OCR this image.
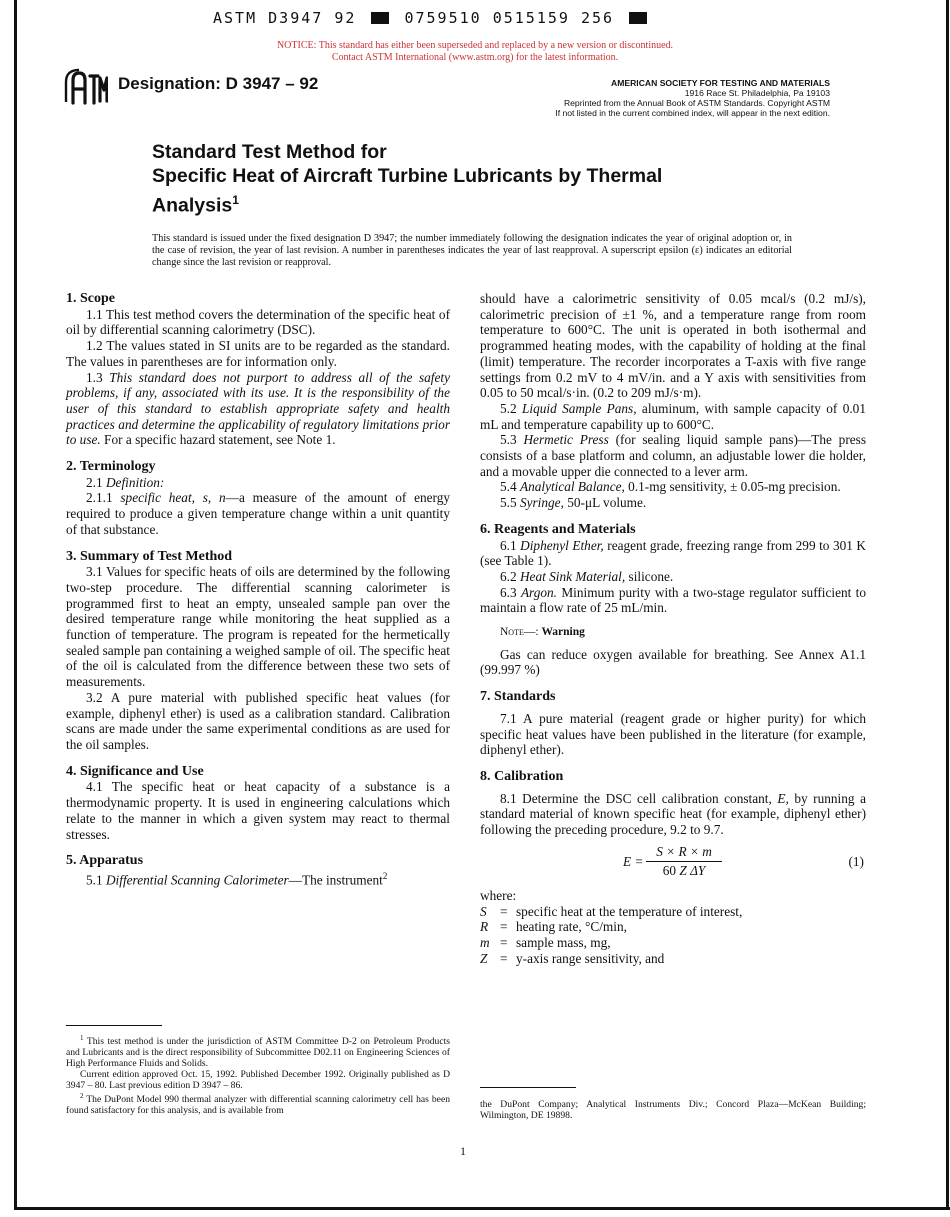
ASTM D3947 92	0759510 0515159 256
NOTICE: This standard has either been superseded and replaced by a new version or discontinued.
Contact ASTM International (www.astm.org) for the latest information.
Designation: D 3947 – 92	AMERICAN SOCIETY FOR TESTING AND MATERIALS
1916 Race St. Philadelphia, Pa 19103
Reprinted from the Annual Book of ASTM Standards. Copyright ASTM
If not listed in the current combined index, will appear in the next edition.
Standard Test Method for
Specific Heat of Aircraft Turbine Lubricants by Thermal
Analysis$^1$
This standard is issued under the fixed designation D 3947; the number immediately following the designation indicates the year of original adoption or, in the case of revision, the year of last revision. A number in parentheses indicates the year of last reapproval. A superscript epsilon (ε) indicates an editorial change since the last revision or reapproval.
1. Scope

1.1 This test method covers the determination of the specific heat of oil by differential scanning calorimetry (DSC).

1.2 The values stated in SI units are to be regarded as the standard. The values in parentheses are for information only.

1.3 This standard does not purport to address all of the safety problems, if any, associated with its use. It is the responsibility of the user of this standard to establish appropriate safety and health practices and determine the applicability of regulatory limitations prior to use. For a specific hazard statement, see Note 1.

2. Terminology

2.1 Definition:

2.1.1 specific heat, s, n—a measure of the amount of energy required to produce a given temperature change within a unit quantity of that substance.

3. Summary of Test Method

3.1 Values for specific heats of oils are determined by the following two-step procedure. The differential scanning calorimeter is programmed first to heat an empty, unsealed sample pan over the desired temperature range while monitoring the heat supplied as a function of temperature. The program is repeated for the hermetically sealed sample pan containing a weighed sample of oil. The specific heat of the oil is calculated from the difference between these two sets of measurements.

3.2 A pure material with published specific heat values (for example, diphenyl ether) is used as a calibration standard. Calibration scans are made under the same experimental conditions as are used for the oil samples.

4. Significance and Use

4.1 The specific heat or heat capacity of a substance is a thermodynamic property. It is used in engineering calculations which relate to the manner in which a given system may react to thermal stresses.

5. Apparatus

5.1 Differential Scanning Calorimeter—The instrument$^2$

should have a calorimetric sensitivity of 0.05 mcal/s (0.2 mJ/s), calorimetric precision of ±1 %, and a temperature range from room temperature to 600°C. The unit is operated in both isothermal and programmed heating modes, with the capability of holding at the final (limit) temperature. The recorder incorporates a T-axis with five range settings from 0.2 mV to 4 mV/in. and a Y axis with sensitivities from 0.05 to 50 mcal/s·in. (0.2 to 209 mJ/s·m).

5.2 Liquid Sample Pans, aluminum, with sample capacity of 0.01 mL and temperature capability up to 600°C.

5.3 Hermetic Press (for sealing liquid sample pans)—The press consists of a base platform and column, an adjustable lower die holder, and a movable upper die connected to a lever arm.

5.4 Analytical Balance, 0.1-mg sensitivity, ± 0.05-mg precision.

5.5 Syringe, 50-μL volume.

6. Reagents and Materials

6.1 Diphenyl Ether, reagent grade, freezing range from 299 to 301 K (see Table 1).

6.2 Heat Sink Material, silicone.

6.3 Argon. Minimum purity with a two-stage regulator sufficient to maintain a flow rate of 25 mL/min.

Note—: Warning

Gas can reduce oxygen available for breathing. See Annex A1.1 (99.997 %)

7. Standards

7.1 A pure material (reagent grade or higher purity) for which specific heat values have been published in the literature (for example, diphenyl ether).

8. Calibration

8.1 Determine the DSC cell calibration constant, E, by running a standard material of known specific heat (for example, diphenyl ether) following the preceding procedure, 9.2 to 9.7.

$E = \frac{S \times R \times m}{\text{60 Z ΔY}}$	(1)

where:

S	= specific heat at the temperature of interest,
R = heating rate, °C/min,
m = sample mass, mg,
Z = y-axis range sensitivity, and

$^1$ This test method is under the jurisdiction of ASTM Committee D-2 on Petroleum Products and Lubricants and is the direct responsibility of Subcommittee D02.11 on Engineering Sciences of High Performance Fluids and Solids.

Current edition approved Oct. 15, 1992. Published December 1992. Originally published as D 3947 – 80. Last previous edition D 3947 – 86.

$^2$ The DuPont Model 990 thermal analyzer with differential scanning calorimetry cell has been found satisfactory for this analysis, and is available from

the DuPont Company; Analytical Instruments Div.; Concord Plaza—McKean Building; Wilmington, DE 19898.
1
